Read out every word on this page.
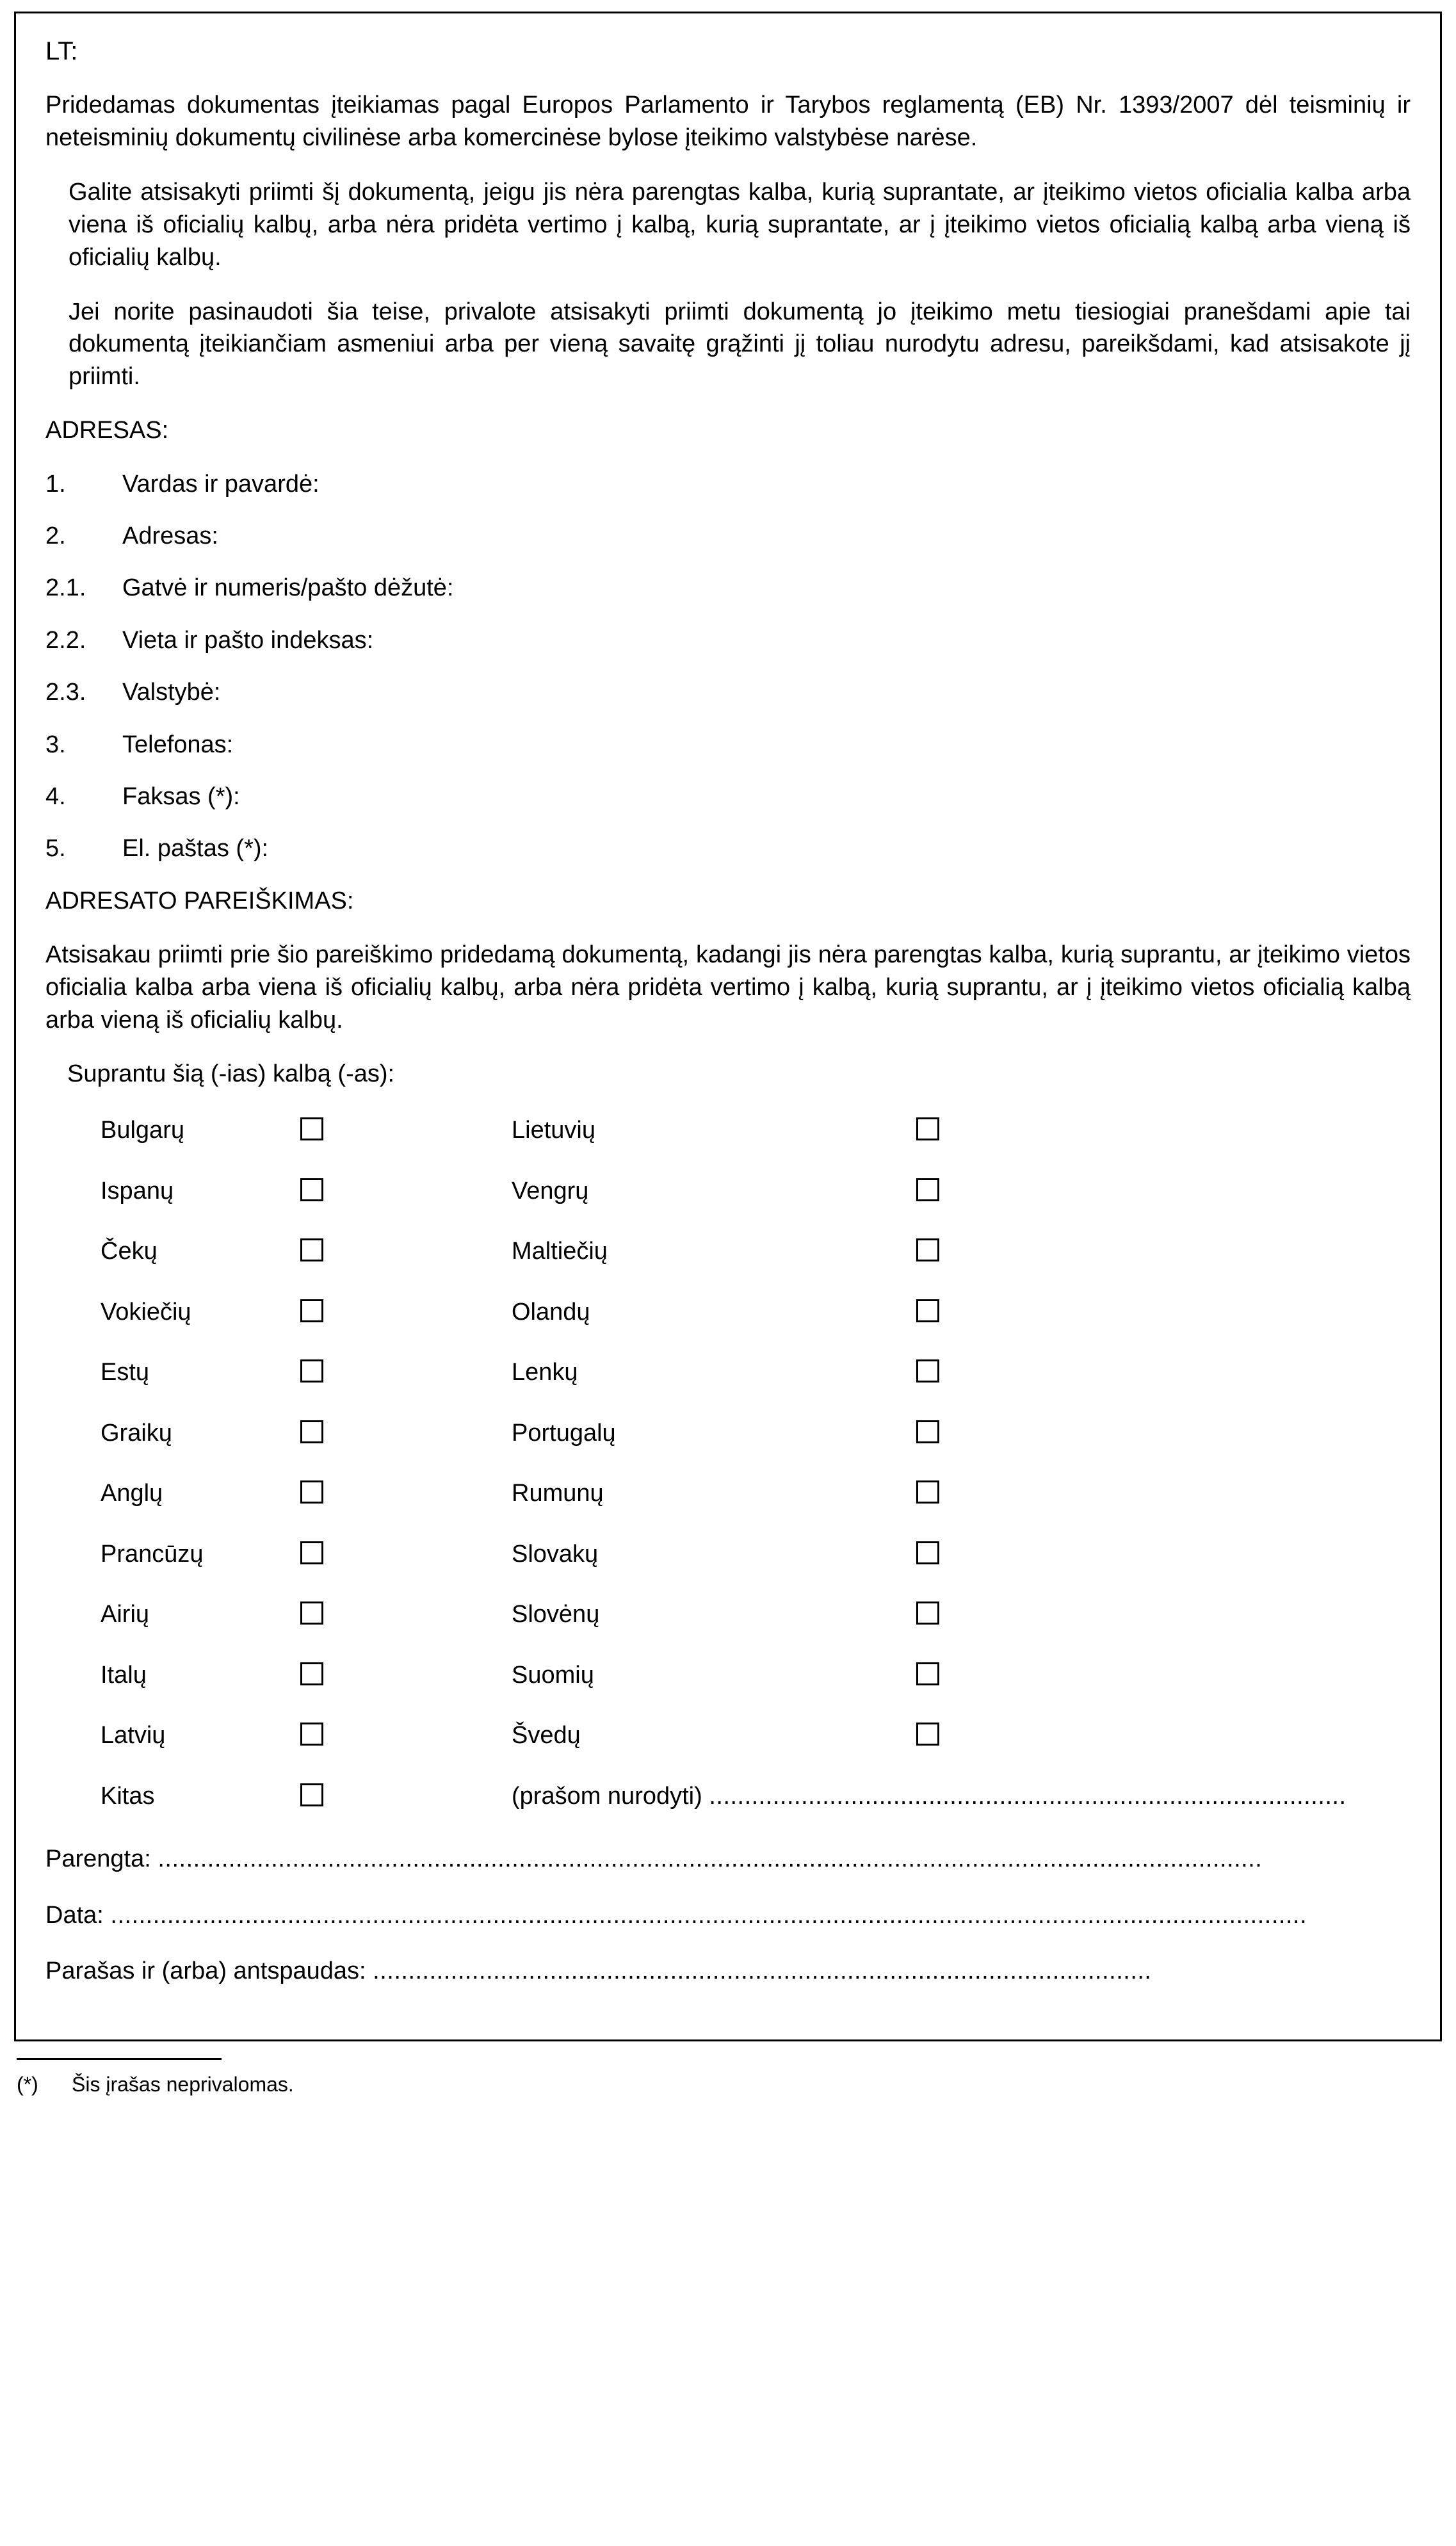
LT:

Pridedamas dokumentas įteikiamas pagal Europos Parlamento ir Tarybos reglamentą (EB) Nr. 1393/2007 dėl teisminių ir neteisminių dokumentų civilinėse arba komercinėse bylose įteikimo valstybėse narėse.

Galite atsisakyti priimti šį dokumentą, jeigu jis nėra parengtas kalba, kurią suprantate, ar įteikimo vietos oficialia kalba arba viena iš oficialių kalbų, arba nėra pridėta vertimo į kalbą, kurią suprantate, ar į įteikimo vietos oficialią kalbą arba vieną iš oficialių kalbų.

Jei norite pasinaudoti šia teise, privalote atsisakyti priimti dokumentą jo įteikimo metu tiesiogiai pranešdami apie tai dokumentą įteikiančiam asmeniui arba per vieną savaitę grąžinti jį toliau nurodytu adresu, pareikšdami, kad atsisakote jį priimti.

ADRESAS:
1.	Vardas ir pavardė:
2.	Adresas:
2.1.	Gatvė ir numeris/pašto dėžutė:
2.2.	Vieta ir pašto indeksas:
2.3.	Valstybė:
3.	Telefonas:
4.	Faksas (*):
5.	El. paštas (*):
ADRESATO PAREIŠKIMAS:

Atsisakau priimti prie šio pareiškimo pridedamą dokumentą, kadangi jis nėra parengtas kalba, kurią suprantu, ar įteikimo vietos oficialia kalba arba viena iš oficialių kalbų, arba nėra pridėta vertimo į kalbą, kurią suprantu, ar į įteikimo vietos oficialią kalbą arba vieną iš oficialių kalbų.

Suprantu šią (-ias) kalbą (-as):
Bulgarų		Lietuvių	
Ispanų		Vengrų	
Čekų		Maltiečių	
Vokiečių		Olandų	
Estų		Lenkų	
Graikų		Portugalų	
Anglų		Rumunų	
Prancūzų		Slovakų	
Airių		Slovėnų	
Italų		Suomių	
Latvių		Švedų	
Kitas		(prašom nurodyti) ..........................................................................................	
Parengta: ............................................................................................................................................................
Data: .........................................................................................................................................................................
Parašas ir (arba) antspaudas: ..............................................................................................................
(*) Šis įrašas neprivalomas.
